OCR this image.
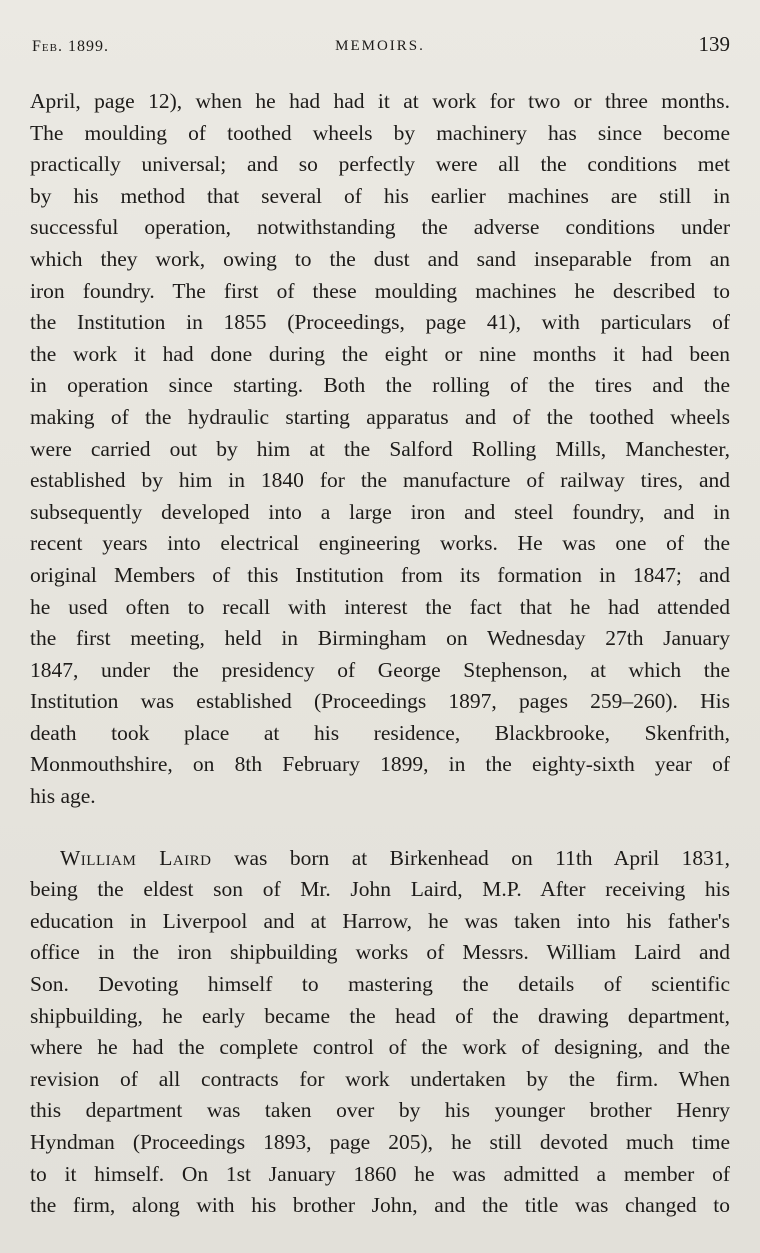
Feb. 1899.	MEMOIRS.	139
April, page 12), when he had had it at work for two or three months.
The moulding of toothed wheels by machinery has since become
practically universal; and so perfectly were all the conditions met
by his method that several of his earlier machines are still in
successful operation, notwithstanding the adverse conditions under
which they work, owing to the dust and sand inseparable from an
iron foundry. The first of these moulding machines he described to
the Institution in 1855 (Proceedings, page 41), with particulars of
the work it had done during the eight or nine months it had been
in operation since starting. Both the rolling of the tires and the
making of the hydraulic starting apparatus and of the toothed wheels
were carried out by him at the Salford Rolling Mills, Manchester,
established by him in 1840 for the manufacture of railway tires, and
subsequently developed into a large iron and steel foundry, and in
recent years into electrical engineering works. He was one of the
original Members of this Institution from its formation in 1847; and
he used often to recall with interest the fact that he had attended
the first meeting, held in Birmingham on Wednesday 27th January
1847, under the presidency of George Stephenson, at which the
Institution was established (Proceedings 1897, pages 259–260). His
death took place at his residence, Blackbrooke, Skenfrith,
Monmouthshire, on 8th February 1899, in the eighty-sixth year of
his age.
William Laird was born at Birkenhead on 11th April 1831,
being the eldest son of Mr. John Laird, M.P. After receiving his
education in Liverpool and at Harrow, he was taken into his father's
office in the iron shipbuilding works of Messrs. William Laird and
Son. Devoting himself to mastering the details of scientific
shipbuilding, he early became the head of the drawing department,
where he had the complete control of the work of designing, and the
revision of all contracts for work undertaken by the firm. When
this department was taken over by his younger brother Henry
Hyndman (Proceedings 1893, page 205), he still devoted much time
to it himself. On 1st January 1860 he was admitted a member of
the firm, along with his brother John, and the title was changed to
